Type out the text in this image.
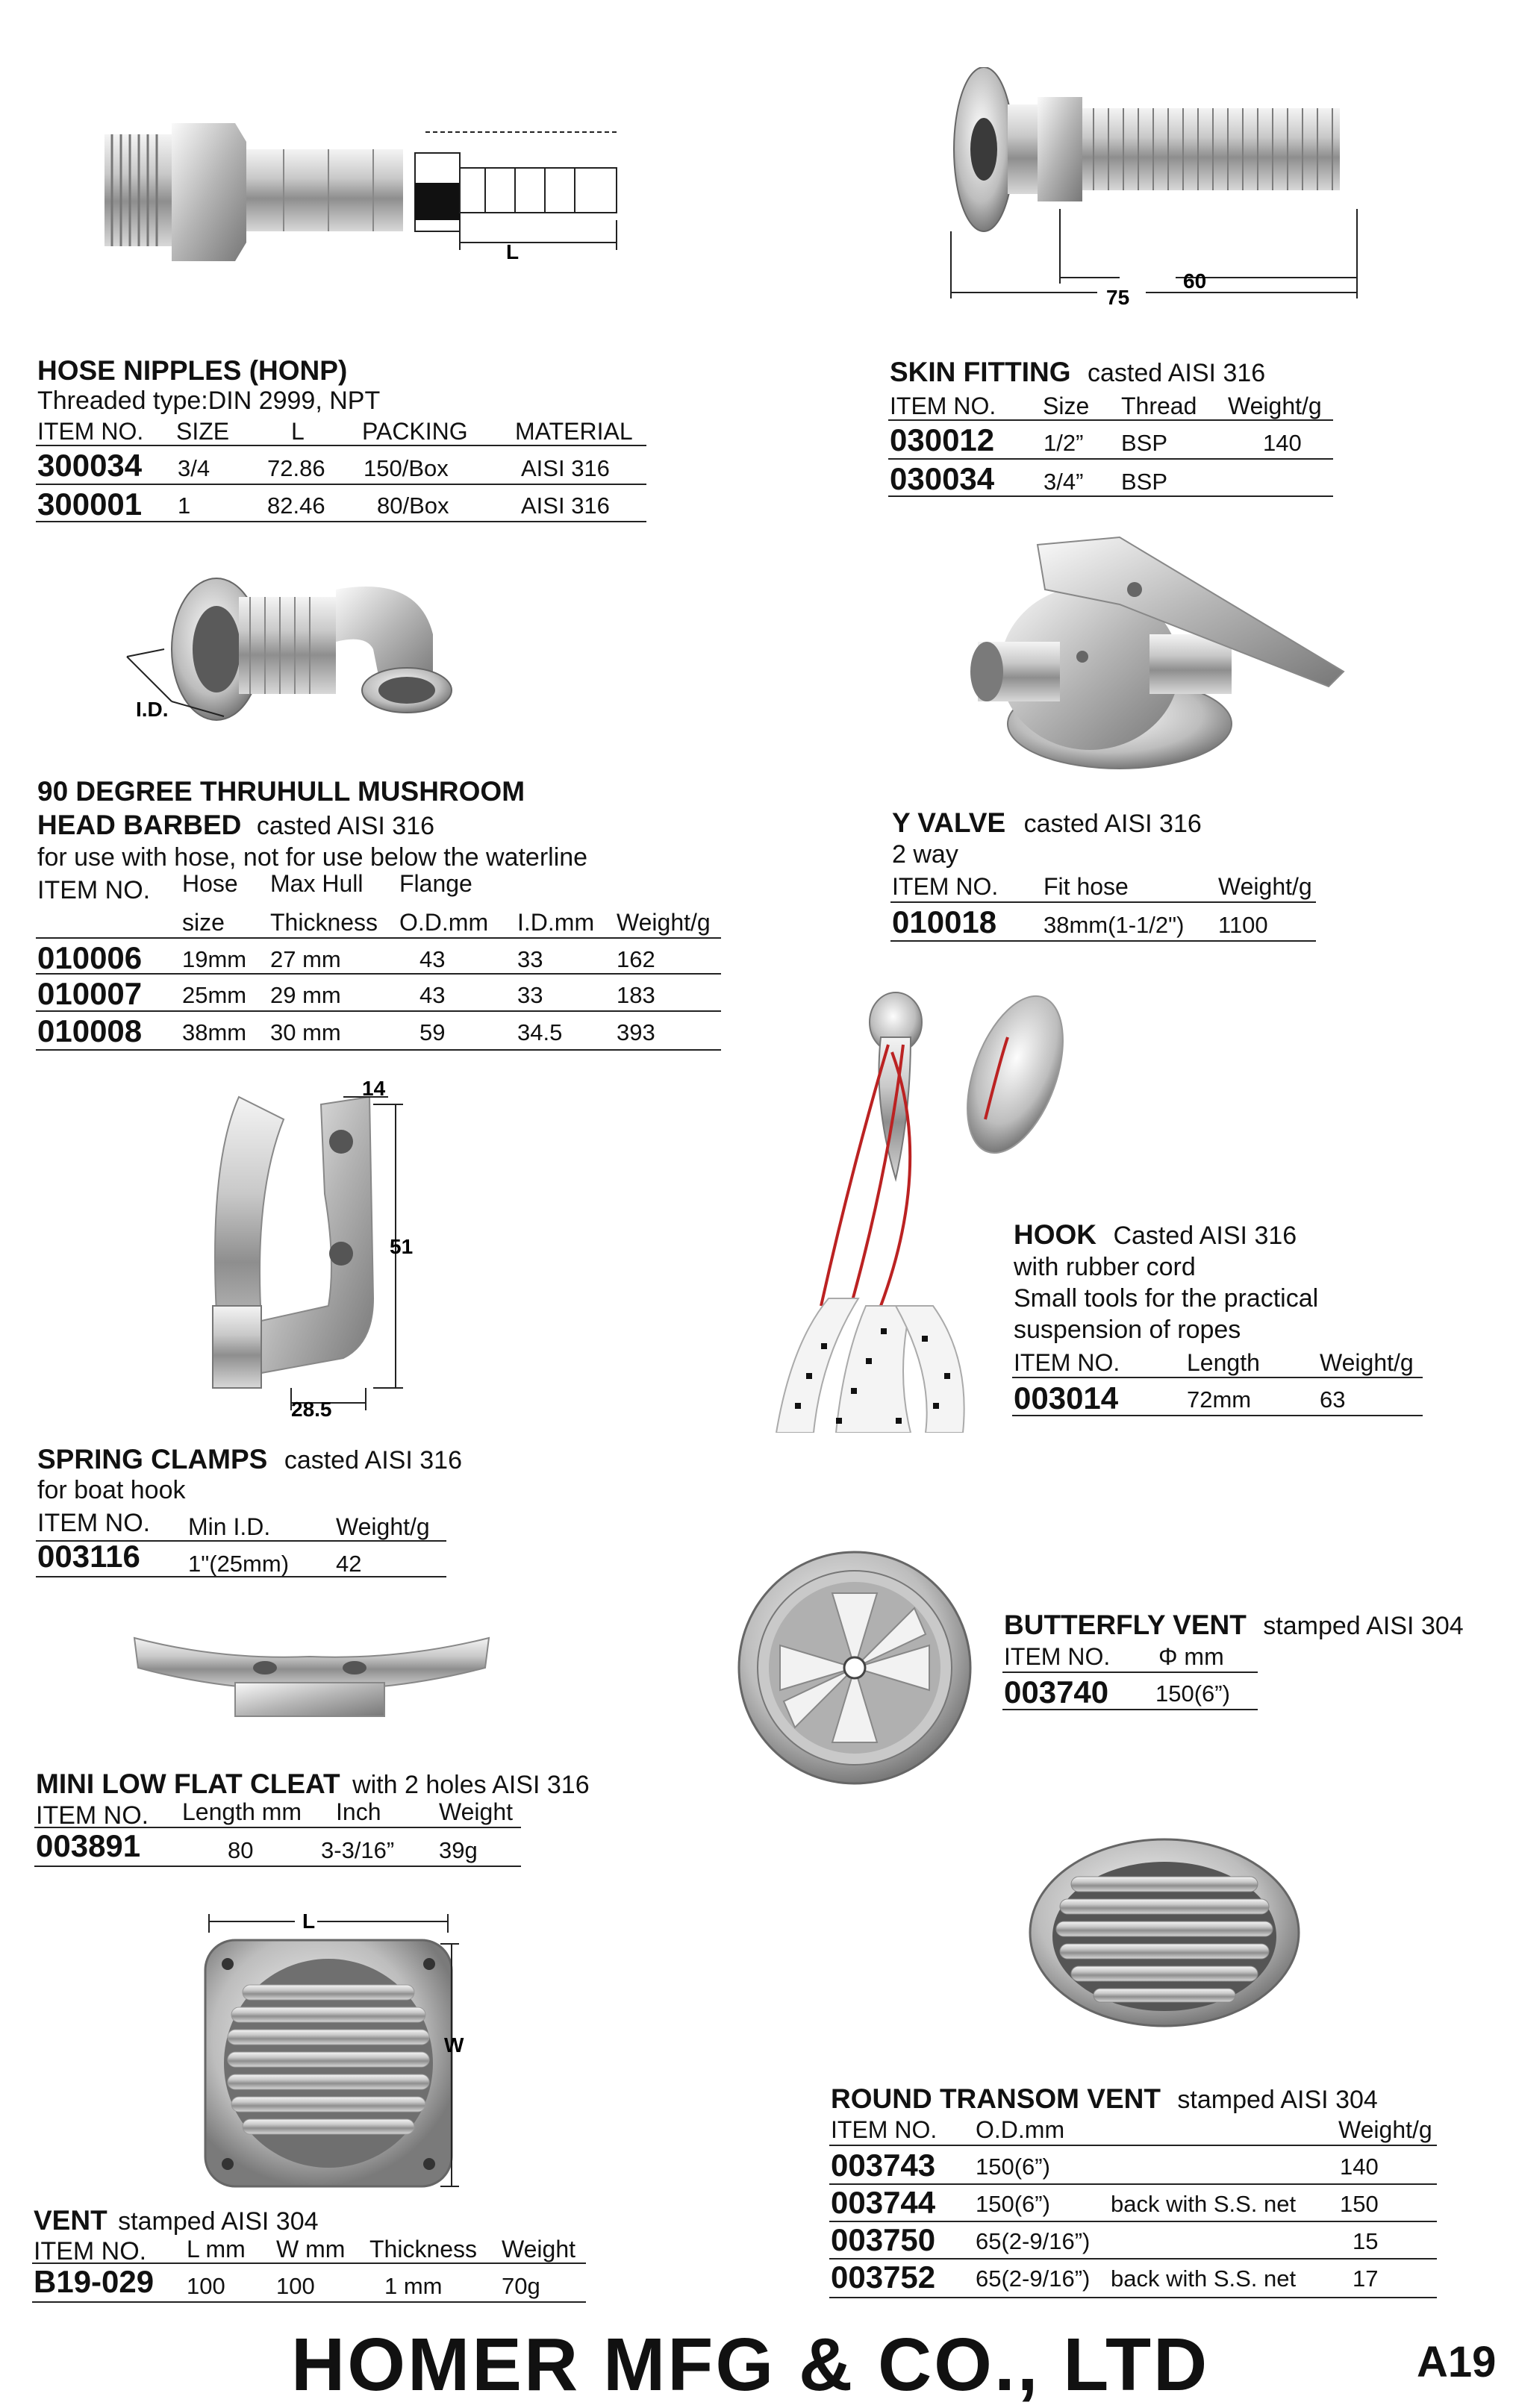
L
HOSE NIPPLES (HONP)
Threaded type:DIN 2999, NPT
ITEM NO. SIZE	L PACKING MATERIAL
300034 3/4 72.86 150/Box	AISI 316
300001 1	82.46 80/Box	AISI 316
60
75
SKIN FITTING casted AISI 316
ITEM NO. Size Thread Weight/g
030012 1/2” BSP	140
030034 3/4” BSP
I.D.
90 DEGREE THRUHULL MUSHROOM
HEAD BARBED casted AISI 316
for use with hose, not for use below the waterline
ITEM NO. Hose Max Hull Flange
size Thickness O.D.mm I.D.mm Weight/g
010006 19mm 27 mm	43	33	162
010007 25mm 29 mm	43	33	183
010008 38mm 30 mm	59	34.5 393
Y VALVE casted AISI 316
2 way
ITEM NO. Fit hose	Weight/g
010018 38mm(1-1/2") 1100
14
51
28.5
SPRING CLAMPS casted AISI 316
for boat hook
ITEM NO. Min I.D.	Weight/g
003116 1"(25mm) 42
HOOK Casted AISI 316
with rubber cord
Small tools for the practical
suspension of ropes
ITEM NO.	Length	Weight/g
003014	72mm	63
BUTTERFLY VENT stamped AISI 304
ITEM NO. Φ mm
003740 150(6”)
MINI LOW FLAT CLEAT with 2 holes AISI 316
ITEM NO. Length mm Inch Weight
003891	80	3-3/16” 39g
ROUND TRANSOM VENT stamped AISI 304
ITEM NO. O.D.mm	Weight/g
003743 150(6”)	140
003744 150(6”)	back with S.S. net 150
003750 65(2-9/16”)	15
003752 65(2-9/16”) back with S.S. net 17
L
W
VENT stamped AISI 304
ITEM NO. L mm W mm Thickness Weight
B19-029 100 100	1 mm	70g
HOMER MFG & CO., LTD	A19
